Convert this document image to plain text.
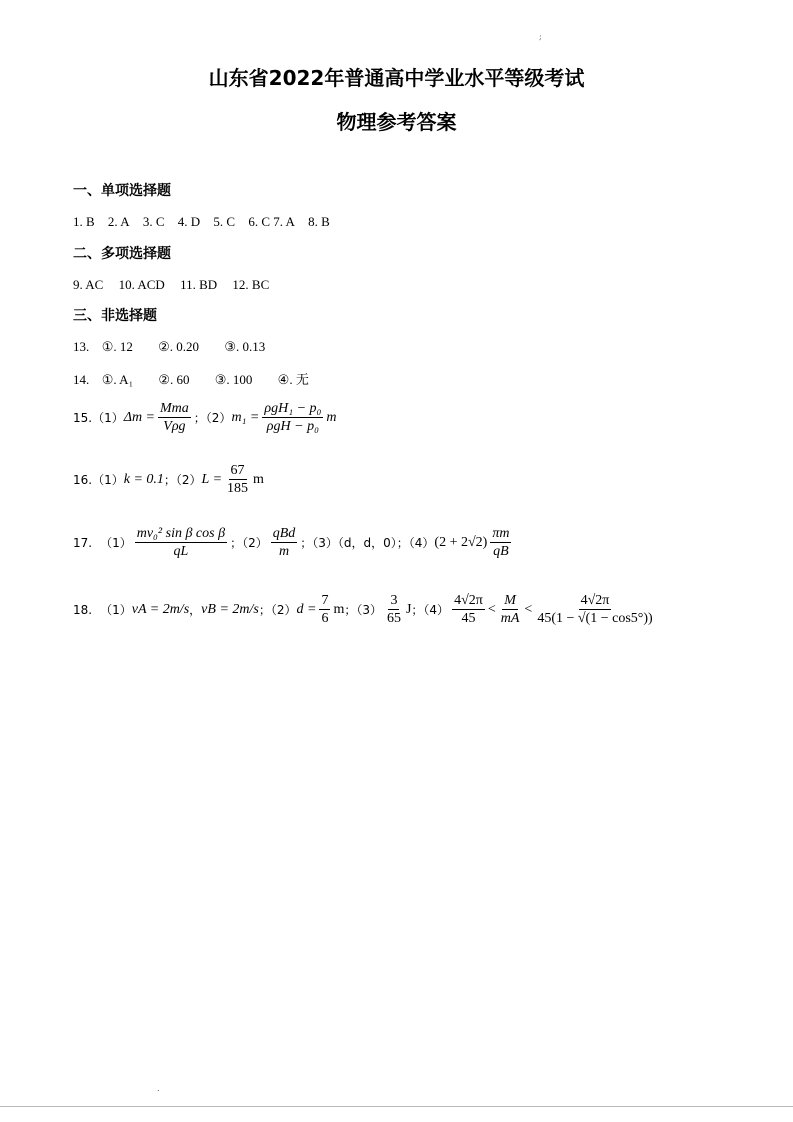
;
山东省2022年普通高中学业水平等级考试
物理参考答案
一、单项选择题
1. B 2. A 3. C 4. D 5. C 6. C 7. A 8. B
二、多项选择题
9. AC 10. ACD 11. BD 12. BC
三、非选择题
13. ①. 12 ②. 0.20 ③. 0.13
14. ①. A₁ ②. 60 ③. 100 ④. 无
15. （1） $\Delta m = \frac{\text{Mma}}{\text{Vρg}}$ ；（2） $m_1 = \frac{\text{ρgH₁ − p₀}}{\text{ρgH − p₀}}$ m
16. （1） k = 0.1 ；（2） $L = \frac{67}{185}$ m
17. $(1) \frac{\text{mv₀² sin β cos β}}{qL}$ ；$(2) \frac{\text{qBd}}{m}$ ；（3）（d，d，0）；（4） $(2 + 2√2) \frac{\pi m}{qB}$
18. （1） vA = 2m/s ， vB = 2m/s ；（2） $d = \frac{7}{6}$ m ；$(3) \frac{3}{65}$ J ；$(4) \frac{4√2\pi}{45} < \frac{M}{mA} < \frac{4√2\pi}{45(1 - √(1 - \cos 5^\circ))}$
.
